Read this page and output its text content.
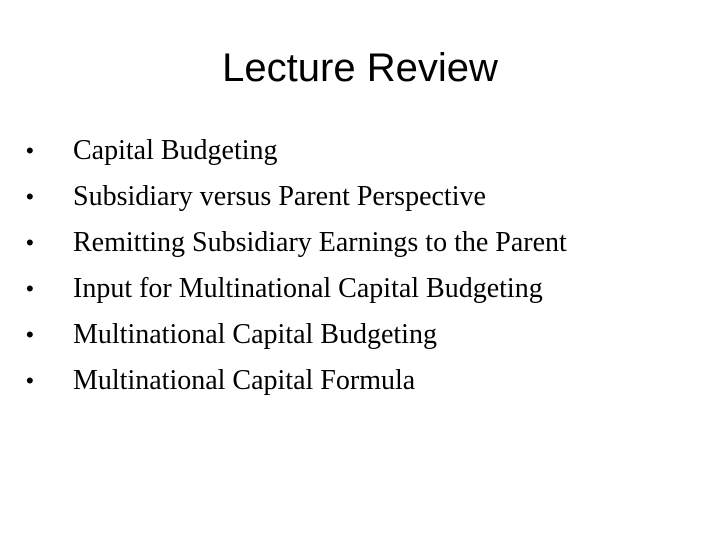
Lecture Review
•	Capital Budgeting
•	Subsidiary versus Parent Perspective
•	Remitting Subsidiary Earnings to the Parent
•	Input for Multinational Capital Budgeting
•	Multinational Capital Budgeting
•	Multinational Capital Formula
